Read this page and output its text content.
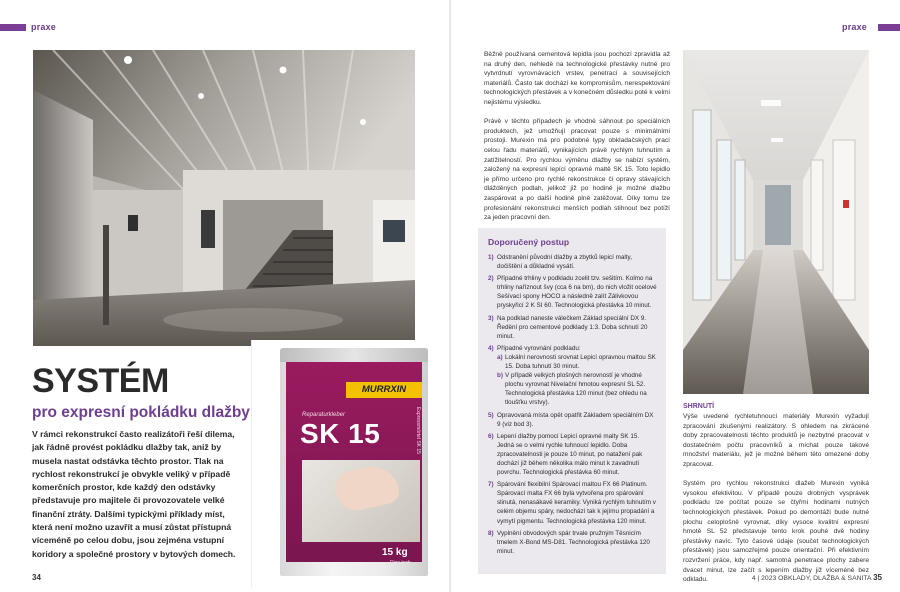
praxe
SYSTÉM
pro expresní pokládku dlažby
V rámci rekonstrukcí často realizátoři řeší dilema, jak řádně provést pokládku dlažby tak, aniž by musela nastat odstávka těchto prostor. Tlak na rychlost rekonstrukcí je obvykle veliký v případě komerčních prostor, kde každý den odstávky představuje pro majitele či provozovatele velké finanční ztráty. Dalšími typickými příklady míst, která není možno uzavřít a musí zůstat přístupná víceméně po celou dobu, jsou zejména vstupní koridory a společné prostory v bytových domech.
34
MURRXIN
Reparaturkleber
SK 15
15 kg
Dies tech
Expressmörtel SK 15
praxe

Běžně používaná cementová lepidla jsou pochozí zpravidla až na druhý den, nehledě na technologické přestávky nutné pro vytvrdnutí vyrovnávacích vrstev, penetrací a souvisejících materiálů. Často tak dochází ke kompromisům, nerespektování technologických přestávek a v konečném důsledku poté k velmi nejistému výsledku.

Právě v těchto případech je vhodné sáhnout po speciálních produktech, jež umožňují pracovat pouze s minimálními prostoji. Murexin má pro podobné typy obkladačských prací celou řadu materiálů, vynikajících právě rychlým tuhnutím a zatížitelností. Pro rychlou výměnu dlažby se nabízí systém, založený na expresní lepící opravné maltě SK 15. Toto lepidlo je přímo určeno pro rychlé rekonstrukce či opravy stávajících dlážděných podlah, jelikož již po hodině je možné dlažbu zaspárovat a po další hodině plně zatěžovat. Díky tomu lze profesionální rekonstrukci menších podlah stihnout bez potíží za jeden pracovní den.

Doporučený postup
1) Odstranění původní dlažby a zbytků lepicí malty, dočištění a důkladné vysátí.
2) Případné trhliny v podkladu zcelit tzv. sešitím. Kolmo na trhliny naříznout švy (cca 6 na bm), do nich vložit ocelové Sešívací spony HOCO a následně zalít Zálivkovou pryskyřicí 2 K SI 60. Technologická přestávka 10 minut.
3) Na podklad naneste válečkem Základ speciální DX 9. Ředění pro cementové podklady 1:3. Doba schnutí 20 minut.
4) Případné vyrovnání podkladu:
a) Lokální nerovnosti srovnat Lepicí opravnou maltou SK 15. Doba tuhnutí 30 minut.
b) V případě velkých plošných nerovností je vhodné plochu vyrovnat Nivelační hmotou expresní SL 52. Technologická přestávka 120 minut (bez ohledu na tloušťku vrstvy).
5) Opravovaná místa opět opatřit Základem speciálním DX 9 (viz bod 3).
6) Lepení dlažby pomocí Lepicí opravné malty SK 15. Jedná se o velmi rychle tuhnoucí lepidlo. Doba zpracovatelnosti je pouze 10 minut, po natažení pak dochází již během několika málo minut k zavadnutí povrchu. Technologická přestávka 60 minut.
7) Spárování flexibilní Spárovací maltou FX 66 Platinum. Spárovací malta FX 66 byla vytvořena pro spárování slinutá, nenasákavé keramiky. Vyniká rychlým tuhnutím v celém objemu spáry, nedochází tak k jejímu propadání a vymytí pigmentu. Technologická přestávka 120 minut.
8) Vyplnění obvodových spár trvale pružným Těsnicím tmelem X-Bond MS-D81. Technologická přestávka 120 minut.
SHRNUTÍ

Výše uvedené rychletuhnoucí materiály Murexin vyžadují zpracování zkušenými realizátory. S ohledem na zkrácené doby zpracovatelnosti těchto produktů je nezbytné pracovat v dostatečném počtu pracovníků a míchat pouze takové množství materiálu, jež je možné během této omezené doby zpracovat.

Systém pro rychlou rekonstrukci dlažeb Murexin vyniká vysokou efektivitou. V případě pouze drobných vysprávek podkladu lze počítat pouze se čtyřmi hodinami nutných technologických přestávek. Pokud po demontáži bude nutné plochu celoplošně vyrovnat, díky vysoce kvalitní expresní hmotě SL 52 představuje tento krok pouhé dvě hodiny přestávky navíc. Tyto časové údaje (součet technologických přestávek) jsou samozřejmě pouze orientační. Při efektivním rozvržení práce, kdy např. samotná penetrace plochy zabere dvacet minut, lze začít s lepením dlažby již víceméně bez odkladu.	4 | 2023 OBKLADY, DLAŽBA & SANITA 35
